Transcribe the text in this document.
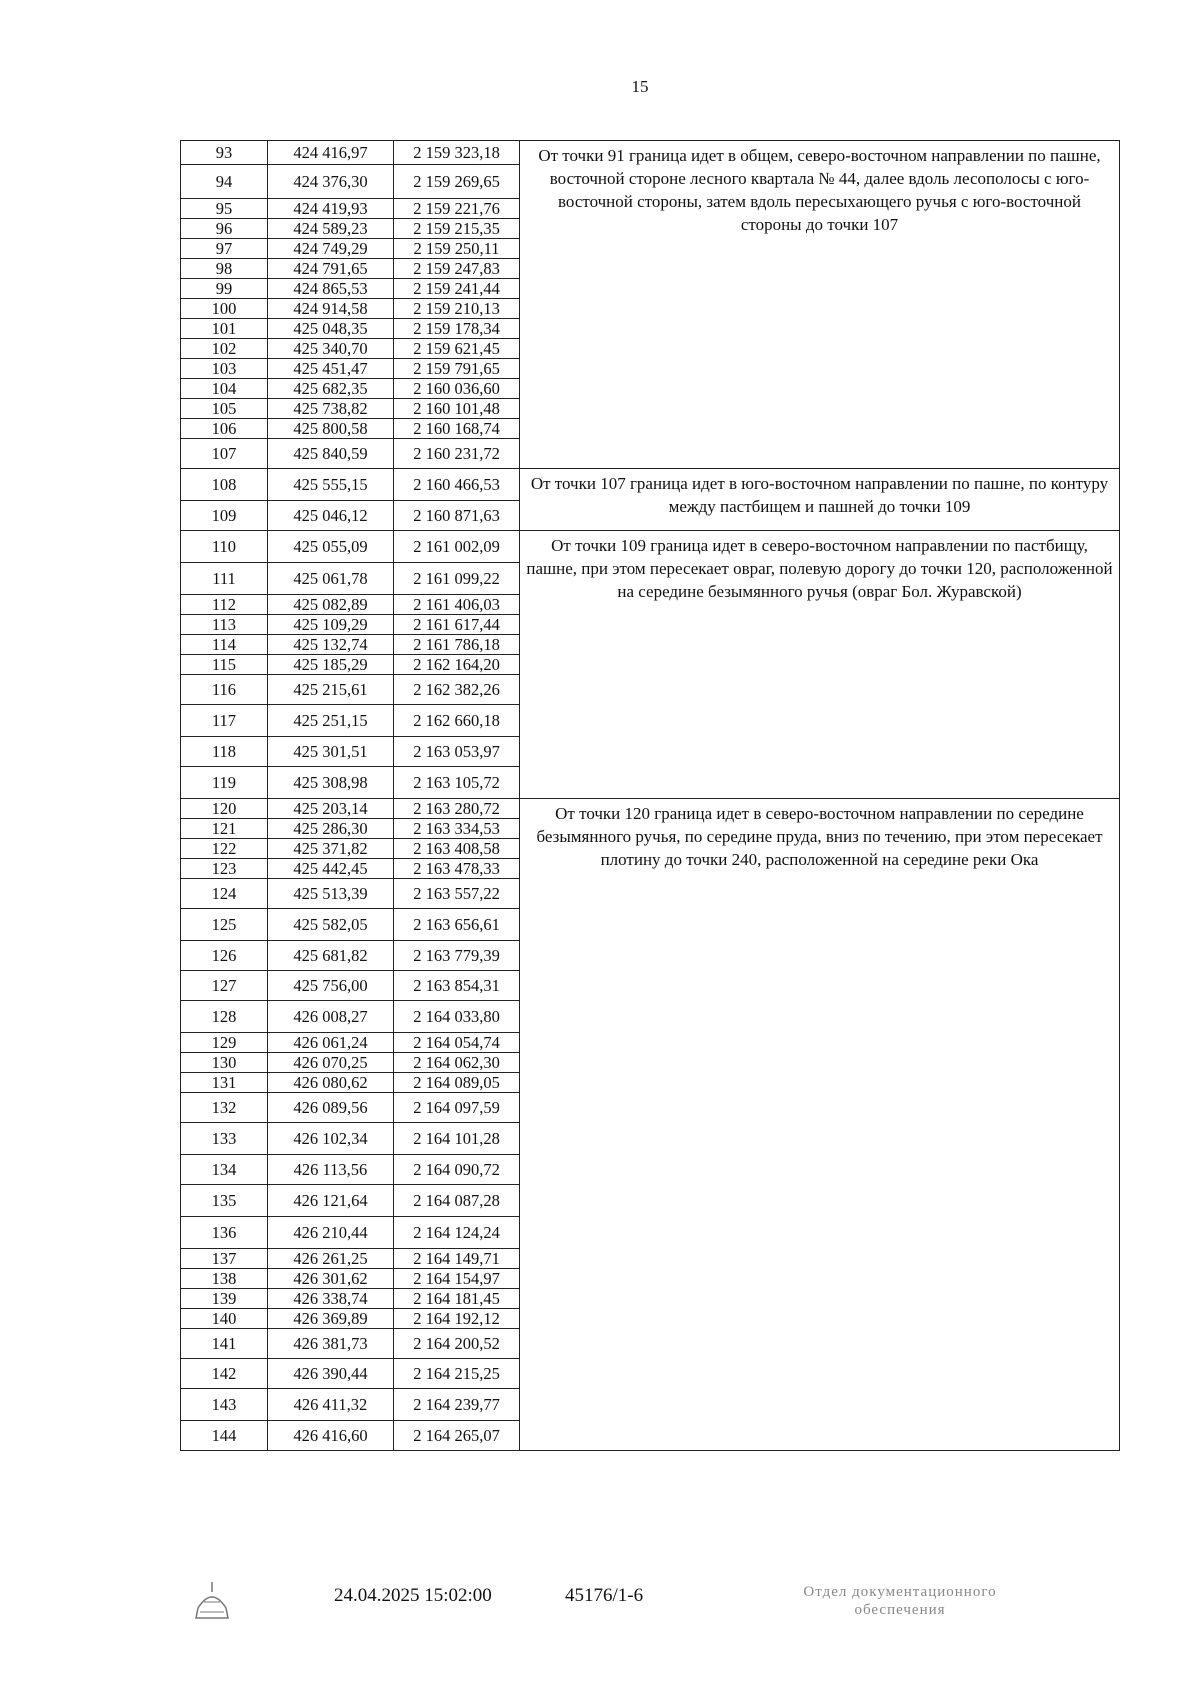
15
93	424 416,97	2 159 323,18	От точки 91 граница идет в общем, северо-восточном направлении по пашне, восточной стороне лесного квартала № 44, далее вдоль лесополосы с юго-восточной стороны, затем вдоль пересыхающего ручья с юго-восточной стороны до точки 107
94	424 376,30	2 159 269,65	
95	424 419,93	2 159 221,76	
96	424 589,23	2 159 215,35	
97	424 749,29	2 159 250,11	
98	424 791,65	2 159 247,83	
99	424 865,53	2 159 241,44	
100	424 914,58	2 159 210,13	
101	425 048,35	2 159 178,34	
102	425 340,70	2 159 621,45	
103	425 451,47	2 159 791,65	
104	425 682,35	2 160 036,60	
105	425 738,82	2 160 101,48	
106	425 800,58	2 160 168,74	
107	425 840,59	2 160 231,72	
108	425 555,15	2 160 466,53	От точки 107 граница идет в юго-восточном направлении по пашне, по контуру между пастбищем и пашней до точки 109
109	425 046,12	2 160 871,63	
110	425 055,09	2 161 002,09	От точки 109 граница идет в северо-восточном направлении по пастбищу, пашне, при этом пересекает овраг, полевую дорогу до точки 120, расположенной на середине безымянного ручья (овраг Бол. Журавской)
111	425 061,78	2 161 099,22	
112	425 082,89	2 161 406,03	
113	425 109,29	2 161 617,44	
114	425 132,74	2 161 786,18	
115	425 185,29	2 162 164,20	
116	425 215,61	2 162 382,26	
117	425 251,15	2 162 660,18	
118	425 301,51	2 163 053,97	
119	425 308,98	2 163 105,72	
120	425 203,14	2 163 280,72	От точки 120 граница идет в северо-восточном направлении по середине безымянного ручья, по середине пруда, вниз по течению, при этом пересекает плотину до точки 240, расположенной на середине реки Ока
121	425 286,30	2 163 334,53	
122	425 371,82	2 163 408,58	
123	425 442,45	2 163 478,33	
124	425 513,39	2 163 557,22	
125	425 582,05	2 163 656,61	
126	425 681,82	2 163 779,39	
127	425 756,00	2 163 854,31	
128	426 008,27	2 164 033,80	
129	426 061,24	2 164 054,74	
130	426 070,25	2 164 062,30	
131	426 080,62	2 164 089,05	
132	426 089,56	2 164 097,59	
133	426 102,34	2 164 101,28	
134	426 113,56	2 164 090,72	
135	426 121,64	2 164 087,28	
136	426 210,44	2 164 124,24	
137	426 261,25	2 164 149,71	
138	426 301,62	2 164 154,97	
139	426 338,74	2 164 181,45	
140	426 369,89	2 164 192,12	
141	426 381,73	2 164 200,52	
142	426 390,44	2 164 215,25	
143	426 411,32	2 164 239,77	
144	426 416,60	2 164 265,07	
24.04.2025 15:02:00	45176/1-6	Отдел документационного
обеспечения
